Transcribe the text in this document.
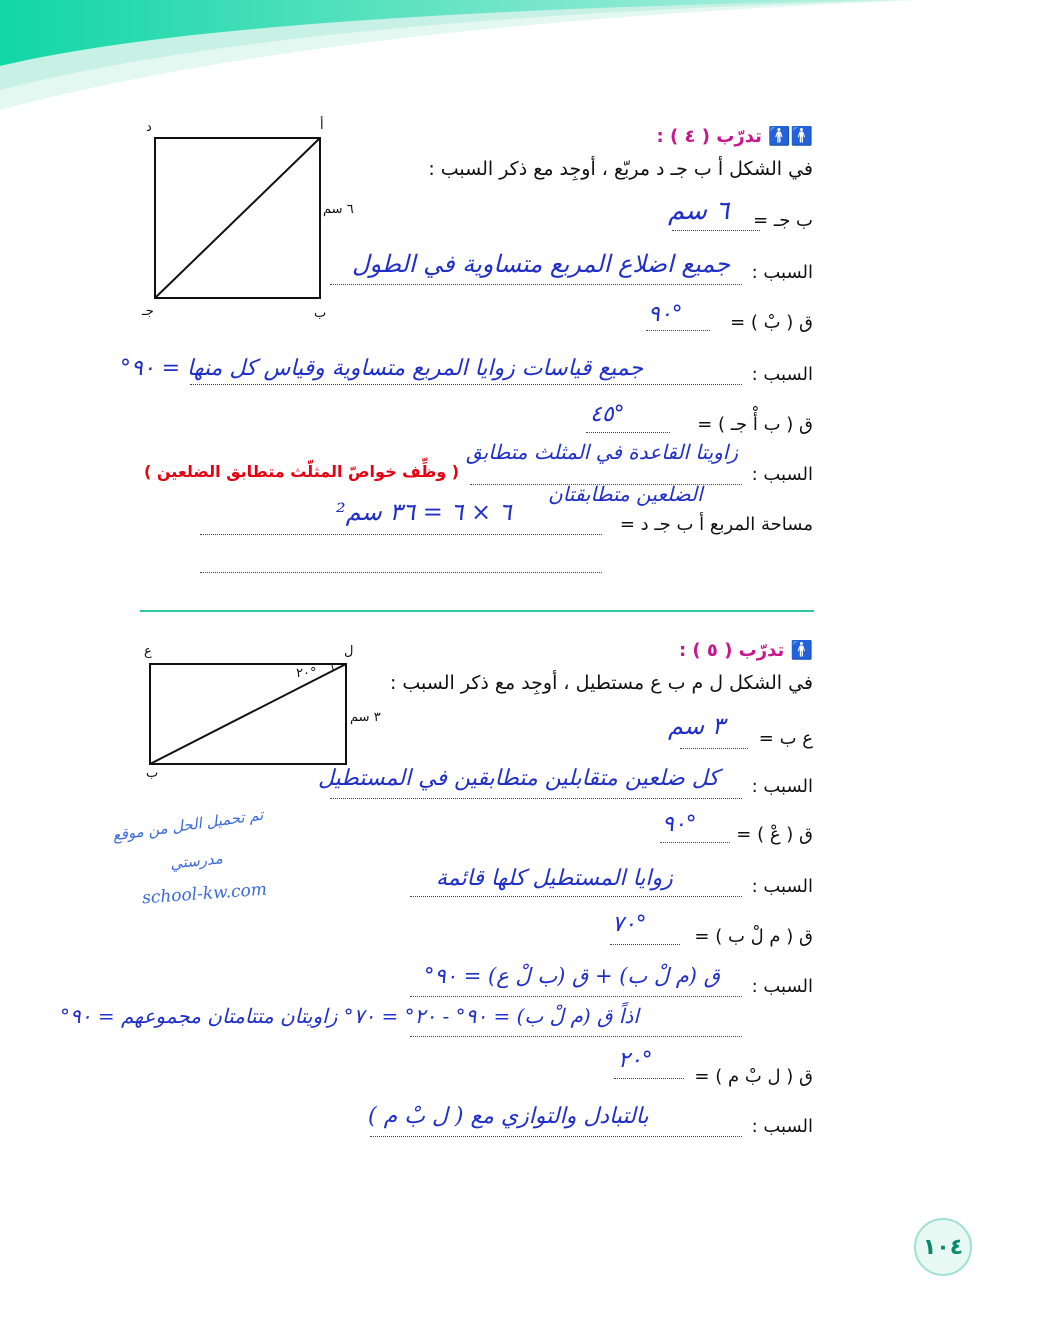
🚹🚹 تدرّب ( ٤ ) :
في الشكل أ ب جـ د مربّع ، أوجِد مع ذكر السبب :
د	أ
جـ	ب
٦ سم
ب جـ =
٦ سم
السبب :
جميع اضلاع المربع متساوية في الطول
ق ( بْ ) =
٩٠°
السبب :
جميع قياسات زوايا المربع متساوية وقياس كل منها = ٩٠°
ق ( ب أْ جـ ) =
٤٥°
السبب :
زاويتا القاعدة في المثلث متطابق
الضلعين متطابقتان
( وظِّف خواصّ المثلّث متطابق الضلعين )
مساحة المربع أ ب جـ د =
٦ × ٦ = ٣٦ سم²
🚹 تدرّب ( ٥ ) :
في الشكل ل م ب ع مستطيل ، أوجِد مع ذكر السبب :
ع	ل
ب
٢٠°
٣ سم
ع ب =
٣ سم
السبب :
كل ضلعين متقابلين متطابقين في المستطيل
ق ( عْ ) =
٩٠°
السبب :
زوايا المستطيل كلها قائمة
ق ( م لْ ب ) =
٧٠°
السبب :
ق (م لْ ب) + ق (ب لْ ع) = ٩٠°
اذاً ق (م لْ ب) = ٩٠° - ٢٠° = ٧٠° زاويتان متتامتان مجموعهم = ٩٠°
ق ( ل بْ م ) =
٢٠°
السبب :
بالتبادل والتوازي مع ( ل بْ م )
تم تحميل الحل من موقع
مدرستي
school-kw.com
١٠٤
